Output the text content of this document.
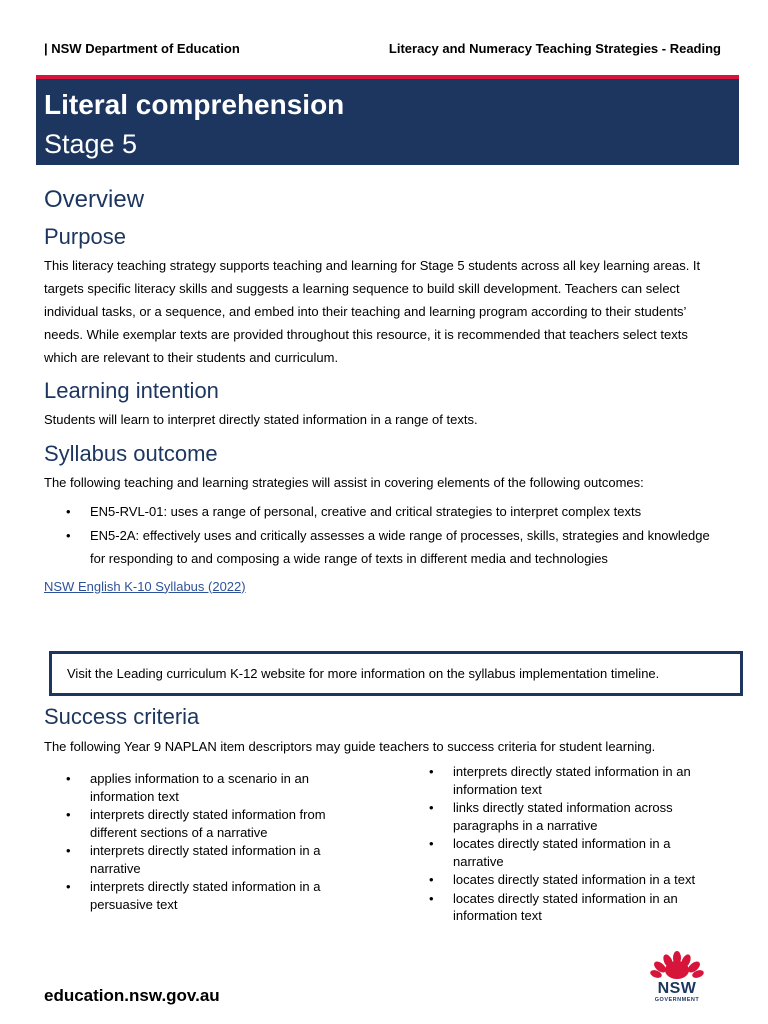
| NSW Department of Education	Literacy and Numeracy Teaching Strategies - Reading
Literal comprehension
Stage 5
Overview
Purpose

This literacy teaching strategy supports teaching and learning for Stage 5 students across all key learning areas. It targets specific literacy skills and suggests a learning sequence to build skill development. Teachers can select individual tasks, or a sequence, and embed into their teaching and learning program according to their students’ needs. While exemplar texts are provided throughout this resource, it is recommended that teachers select texts which are relevant to their students and curriculum.

Learning intention

Students will learn to interpret directly stated information in a range of texts.

Syllabus outcome

The following teaching and learning strategies will assist in covering elements of the following outcomes:

• EN5-RVL-01: uses a range of personal, creative and critical strategies to interpret complex texts
• EN5-2A: effectively uses and critically assesses a wide range of processes, skills, strategies and knowledge for responding to and composing a wide range of texts in different media and technologies
NSW English K-10 Syllabus (2022)
Visit the Leading curriculum K-12 website for more information on the syllabus implementation timeline.
Success criteria

The following Year 9 NAPLAN item descriptors may guide teachers to success criteria for student learning.

• applies information to a scenario in an information text
• interprets directly stated information from different sections of a narrative
• interprets directly stated information in a narrative
• interprets directly stated information in a persuasive text
• interprets directly stated information in an information text
• links directly stated information across paragraphs in a narrative
• locates directly stated information in a narrative
• locates directly stated information in a text
• locates directly stated information in an information text
education.nsw.gov.au	NSW
GOVERNMENT
